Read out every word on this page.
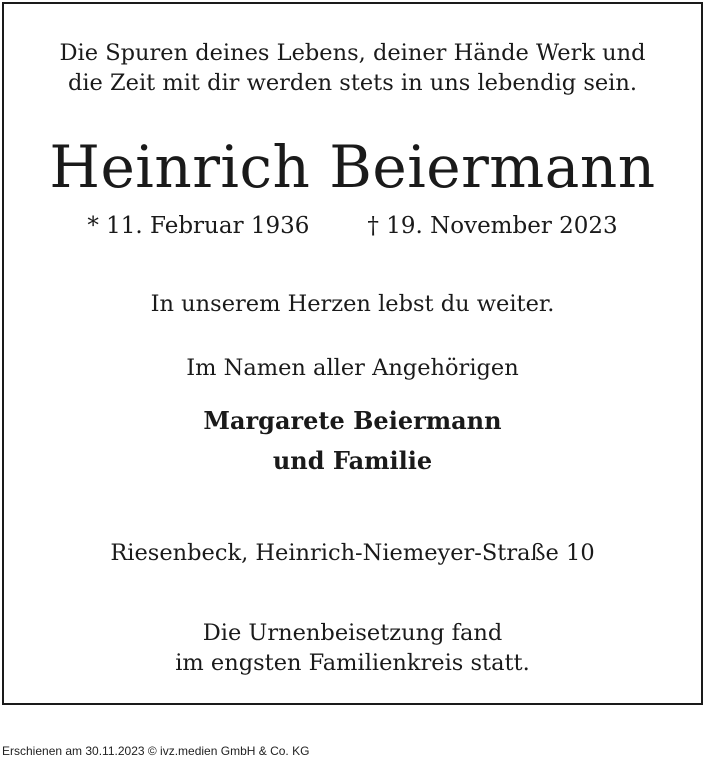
Die Spuren deines Lebens, deiner Hände Werk und
die Zeit mit dir werden stets in uns lebendig sein.
Heinrich Beiermann
* 11. Februar 1936	† 19. November 2023
In unserem Herzen lebst du weiter.
Im Namen aller Angehörigen
Margarete Beiermann
und Familie
Riesenbeck, Heinrich-Niemeyer-Straße 10
Die Urnenbeisetzung fand
im engsten Familienkreis statt.
Erschienen am 30.11.2023 © ivz.medien GmbH & Co. KG
